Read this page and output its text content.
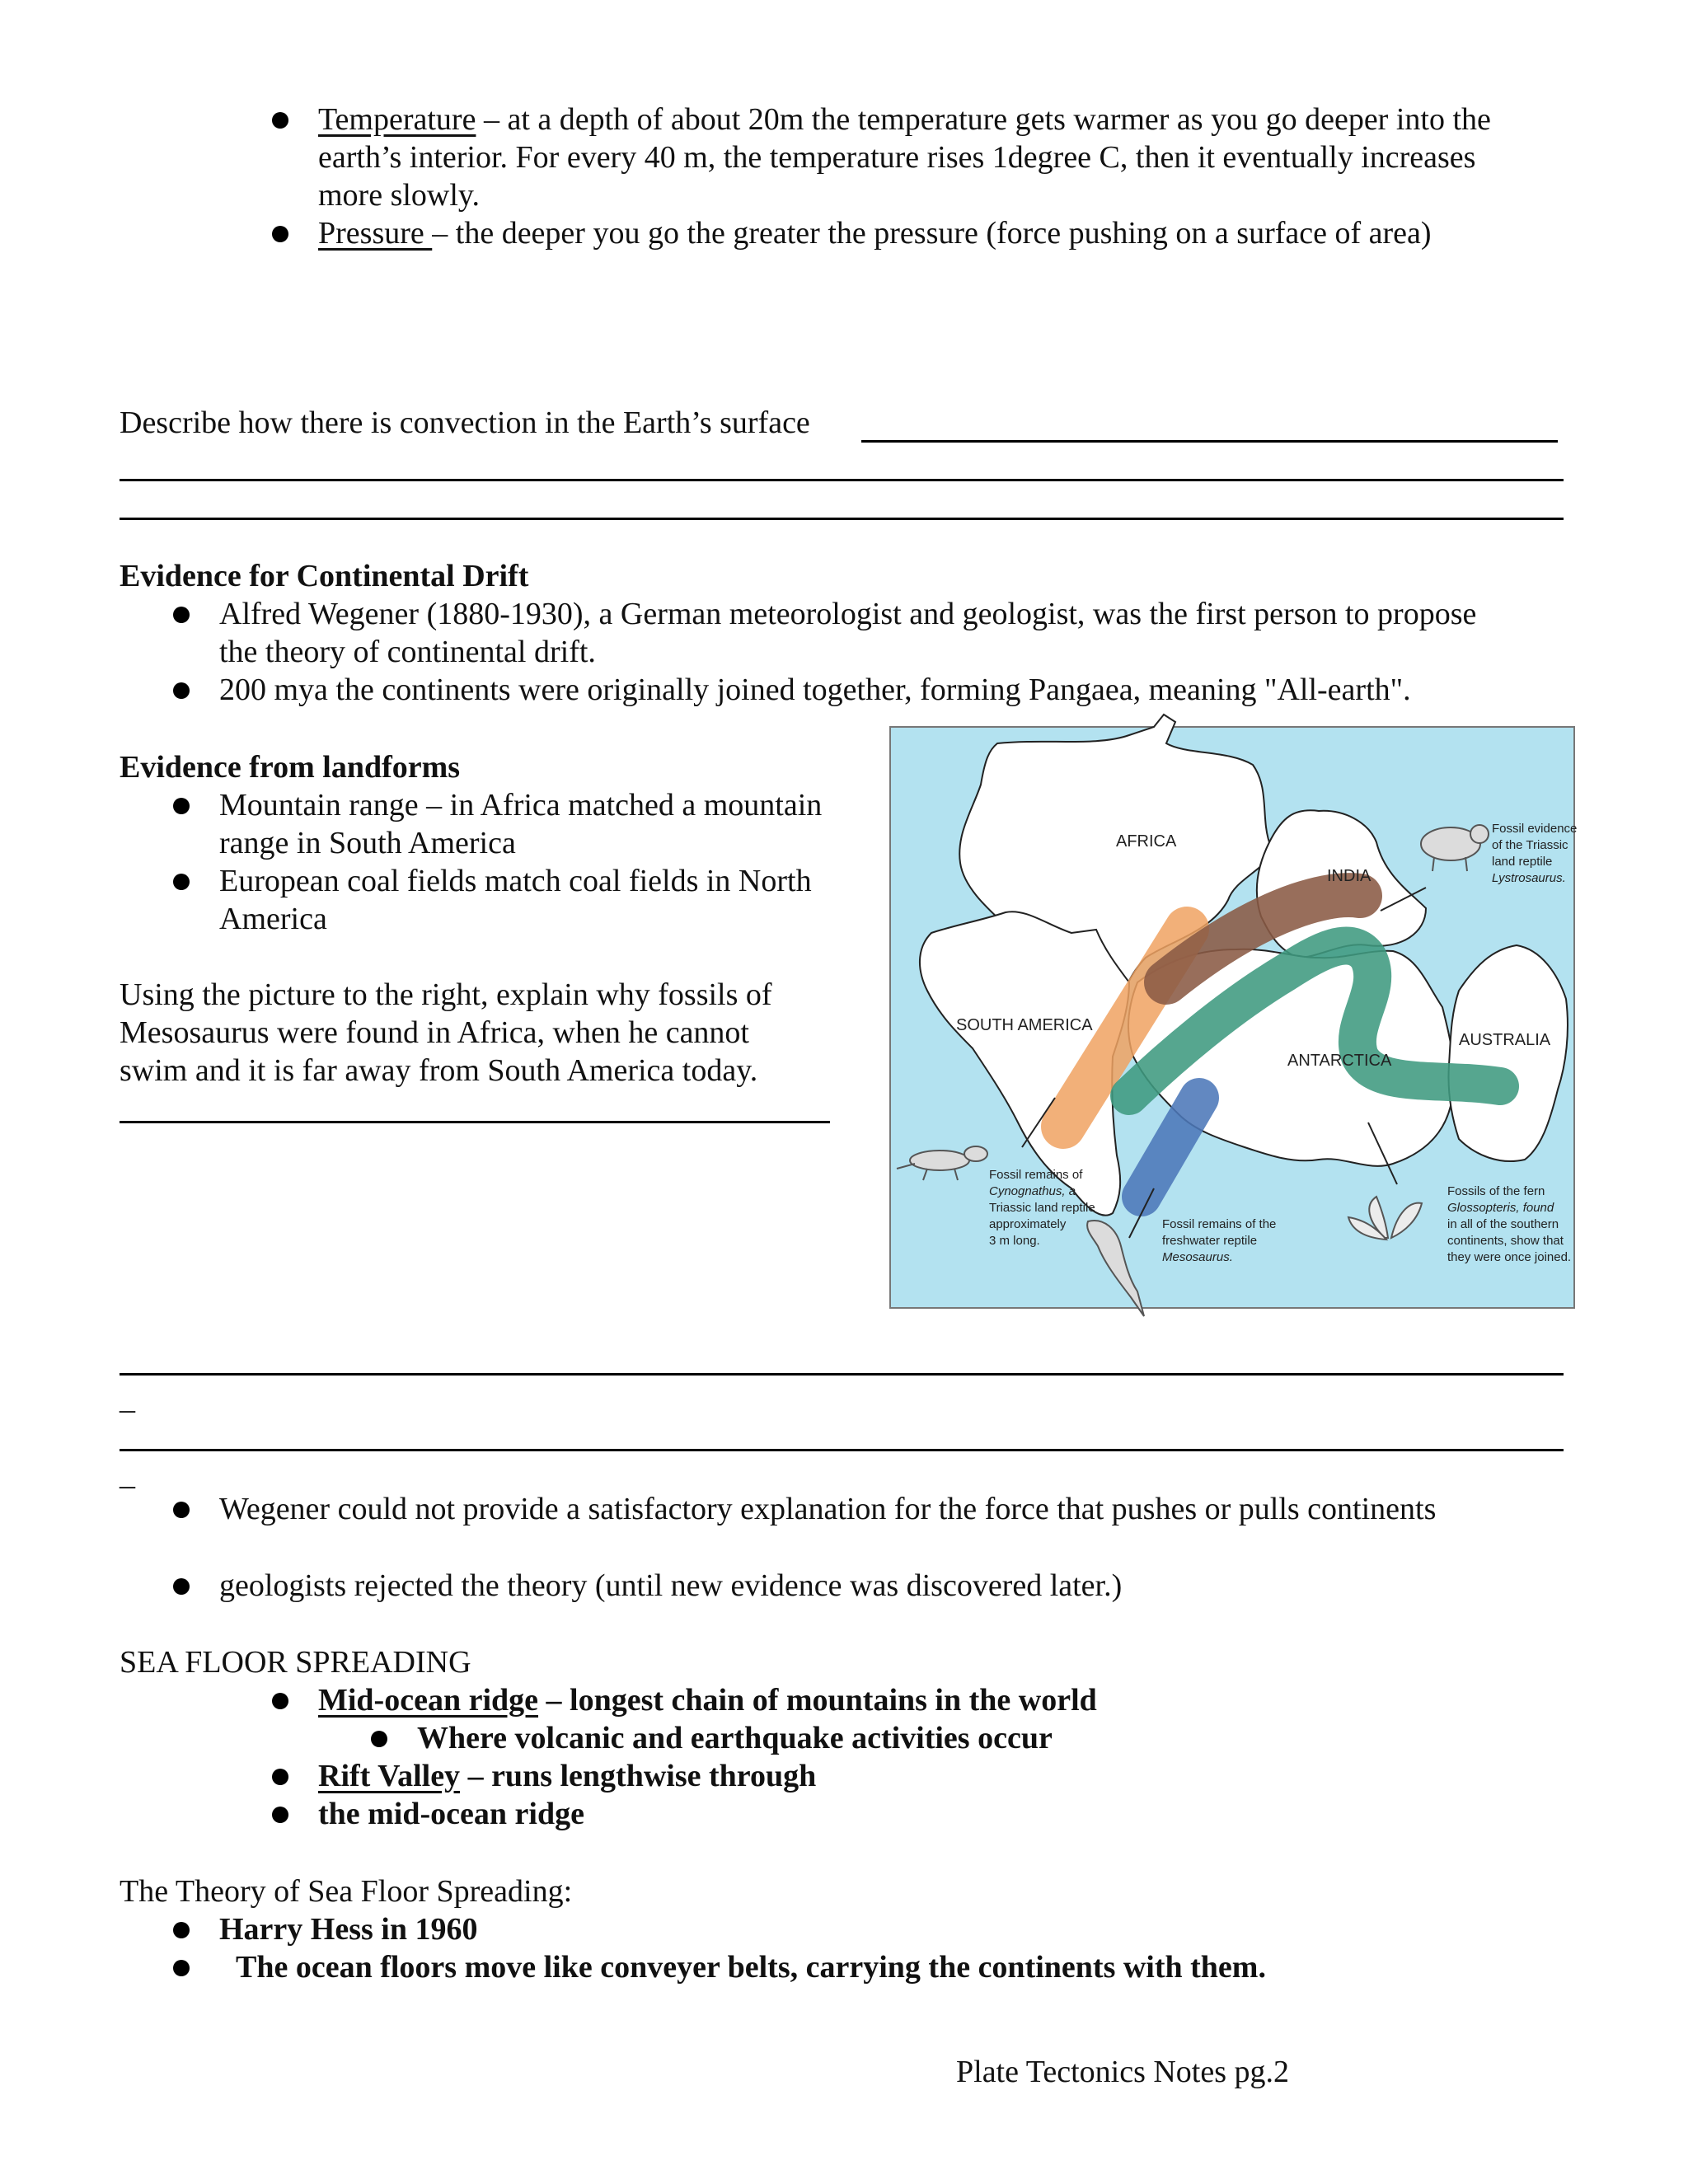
Temperature – at a depth of about 20m the temperature gets warmer as you go deeper into the
earth’s interior. For every 40 m, the temperature rises 1degree C, then it eventually increases
more slowly.
Pressure – the deeper you go the greater the pressure (force pushing on a surface of area)
Describe how there is convection in the Earth’s surface
Evidence for Continental Drift
Alfred Wegener (1880-1930), a German meteorologist and geologist, was the first person to propose
the theory of continental drift.
200 mya the continents were originally joined together, forming Pangaea, meaning "All-earth".
Evidence from landforms
Mountain range – in Africa matched a mountain
range in South America
European coal fields match coal fields in North
America
Using the picture to the right, explain why fossils of
Mesosaurus were found in Africa, when he cannot
swim and it is far away from South America today.
AFRICA
INDIA
SOUTH AMERICA
ANTARCTICA
AUSTRALIA
Fossil evidence of the Triassic land reptile Lystrosaurus.
Fossil remains of Cynognathus, a Triassic land reptile approximately 3 m long.
Fossil remains of the freshwater reptile Mesosaurus.
Fossils of the fern Glossopteris, found in all of the southern continents, show that they were once joined.
_
_
Wegener could not provide a satisfactory explanation for the force that pushes or pulls continents
geologists rejected the theory (until new evidence was discovered later.)
SEA FLOOR SPREADING
Mid-ocean ridge – longest chain of mountains in the world
Where volcanic and earthquake activities occur
Rift Valley – runs lengthwise through
the mid-ocean ridge
The Theory of Sea Floor Spreading:
Harry Hess in 1960
The ocean floors move like conveyer belts, carrying the continents with them.
Plate Tectonics Notes pg.2
